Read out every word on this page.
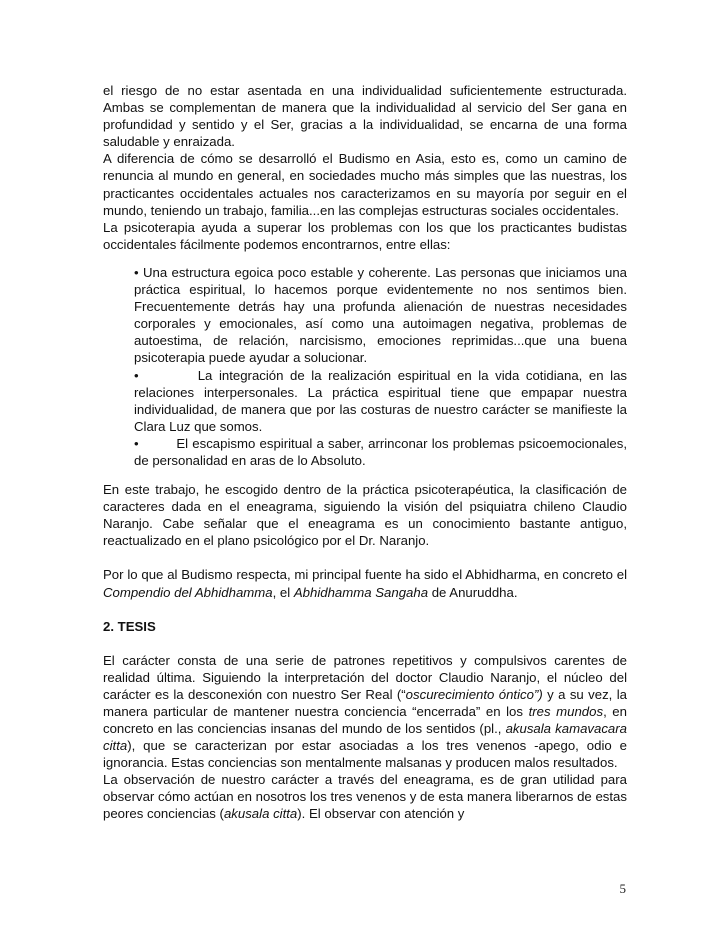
el riesgo de no estar asentada en una individualidad suficientemente estructurada. Ambas se complementan de manera que la individualidad al servicio del Ser gana en profundidad y sentido y el Ser, gracias a la individualidad, se encarna de una forma saludable y enraizada.

A diferencia de cómo se desarrolló el Budismo en Asia, esto es, como un camino de renuncia al mundo en general, en sociedades mucho más simples que las nuestras, los practicantes occidentales actuales nos caracterizamos en su mayoría por seguir en el mundo, teniendo un trabajo, familia...en las complejas estructuras sociales occidentales.

La psicoterapia ayuda a superar los problemas con los que los practicantes budistas occidentales fácilmente podemos encontrarnos, entre ellas:

• Una estructura egoica poco estable y coherente. Las personas que iniciamos una práctica espiritual, lo hacemos porque evidentemente no nos sentimos bien. Frecuentemente detrás hay una profunda alienación de nuestras necesidades corporales y emocionales, así como una autoimagen negativa, problemas de autoestima, de relación, narcisismo, emociones reprimidas...que una buena psicoterapia puede ayudar a solucionar.
•         La integración de la realización espiritual en la vida cotidiana, en las relaciones interpersonales. La práctica espiritual tiene que empapar nuestra individualidad, de manera que por las costuras de nuestro carácter se manifieste la Clara Luz que somos.
•         El escapismo espiritual a saber, arrinconar los problemas psicoemocionales, de personalidad en aras de lo Absoluto.

En este trabajo, he escogido dentro de la práctica psicoterapéutica, la clasificación de caracteres dada en el eneagrama, siguiendo la visión del psiquiatra chileno Claudio Naranjo. Cabe señalar que el eneagrama es un conocimiento bastante antiguo, reactualizado en el plano psicológico por el Dr. Naranjo.

Por lo que al Budismo respecta, mi principal fuente ha sido el Abhidharma, en concreto el Compendio del Abhidhamma, el Abhidhamma Sangaha de Anuruddha.

2. TESIS

El carácter consta de una serie de patrones repetitivos y compulsivos carentes de realidad última. Siguiendo la interpretación del doctor Claudio Naranjo, el núcleo del carácter es la desconexión con nuestro Ser Real (“oscurecimiento óntico”) y a su vez, la manera particular de mantener nuestra conciencia “encerrada” en los tres mundos, en concreto en las conciencias insanas del mundo de los sentidos (pl., akusala kamavacara citta), que se caracterizan por estar asociadas a los tres venenos -apego, odio e ignorancia. Estas conciencias son mentalmente malsanas y producen malos resultados.

La observación de nuestro carácter a través del eneagrama, es de gran utilidad para observar cómo actúan en nosotros los tres venenos y de esta manera liberarnos de estas peores conciencias (akusala citta). El observar con atención y

5
